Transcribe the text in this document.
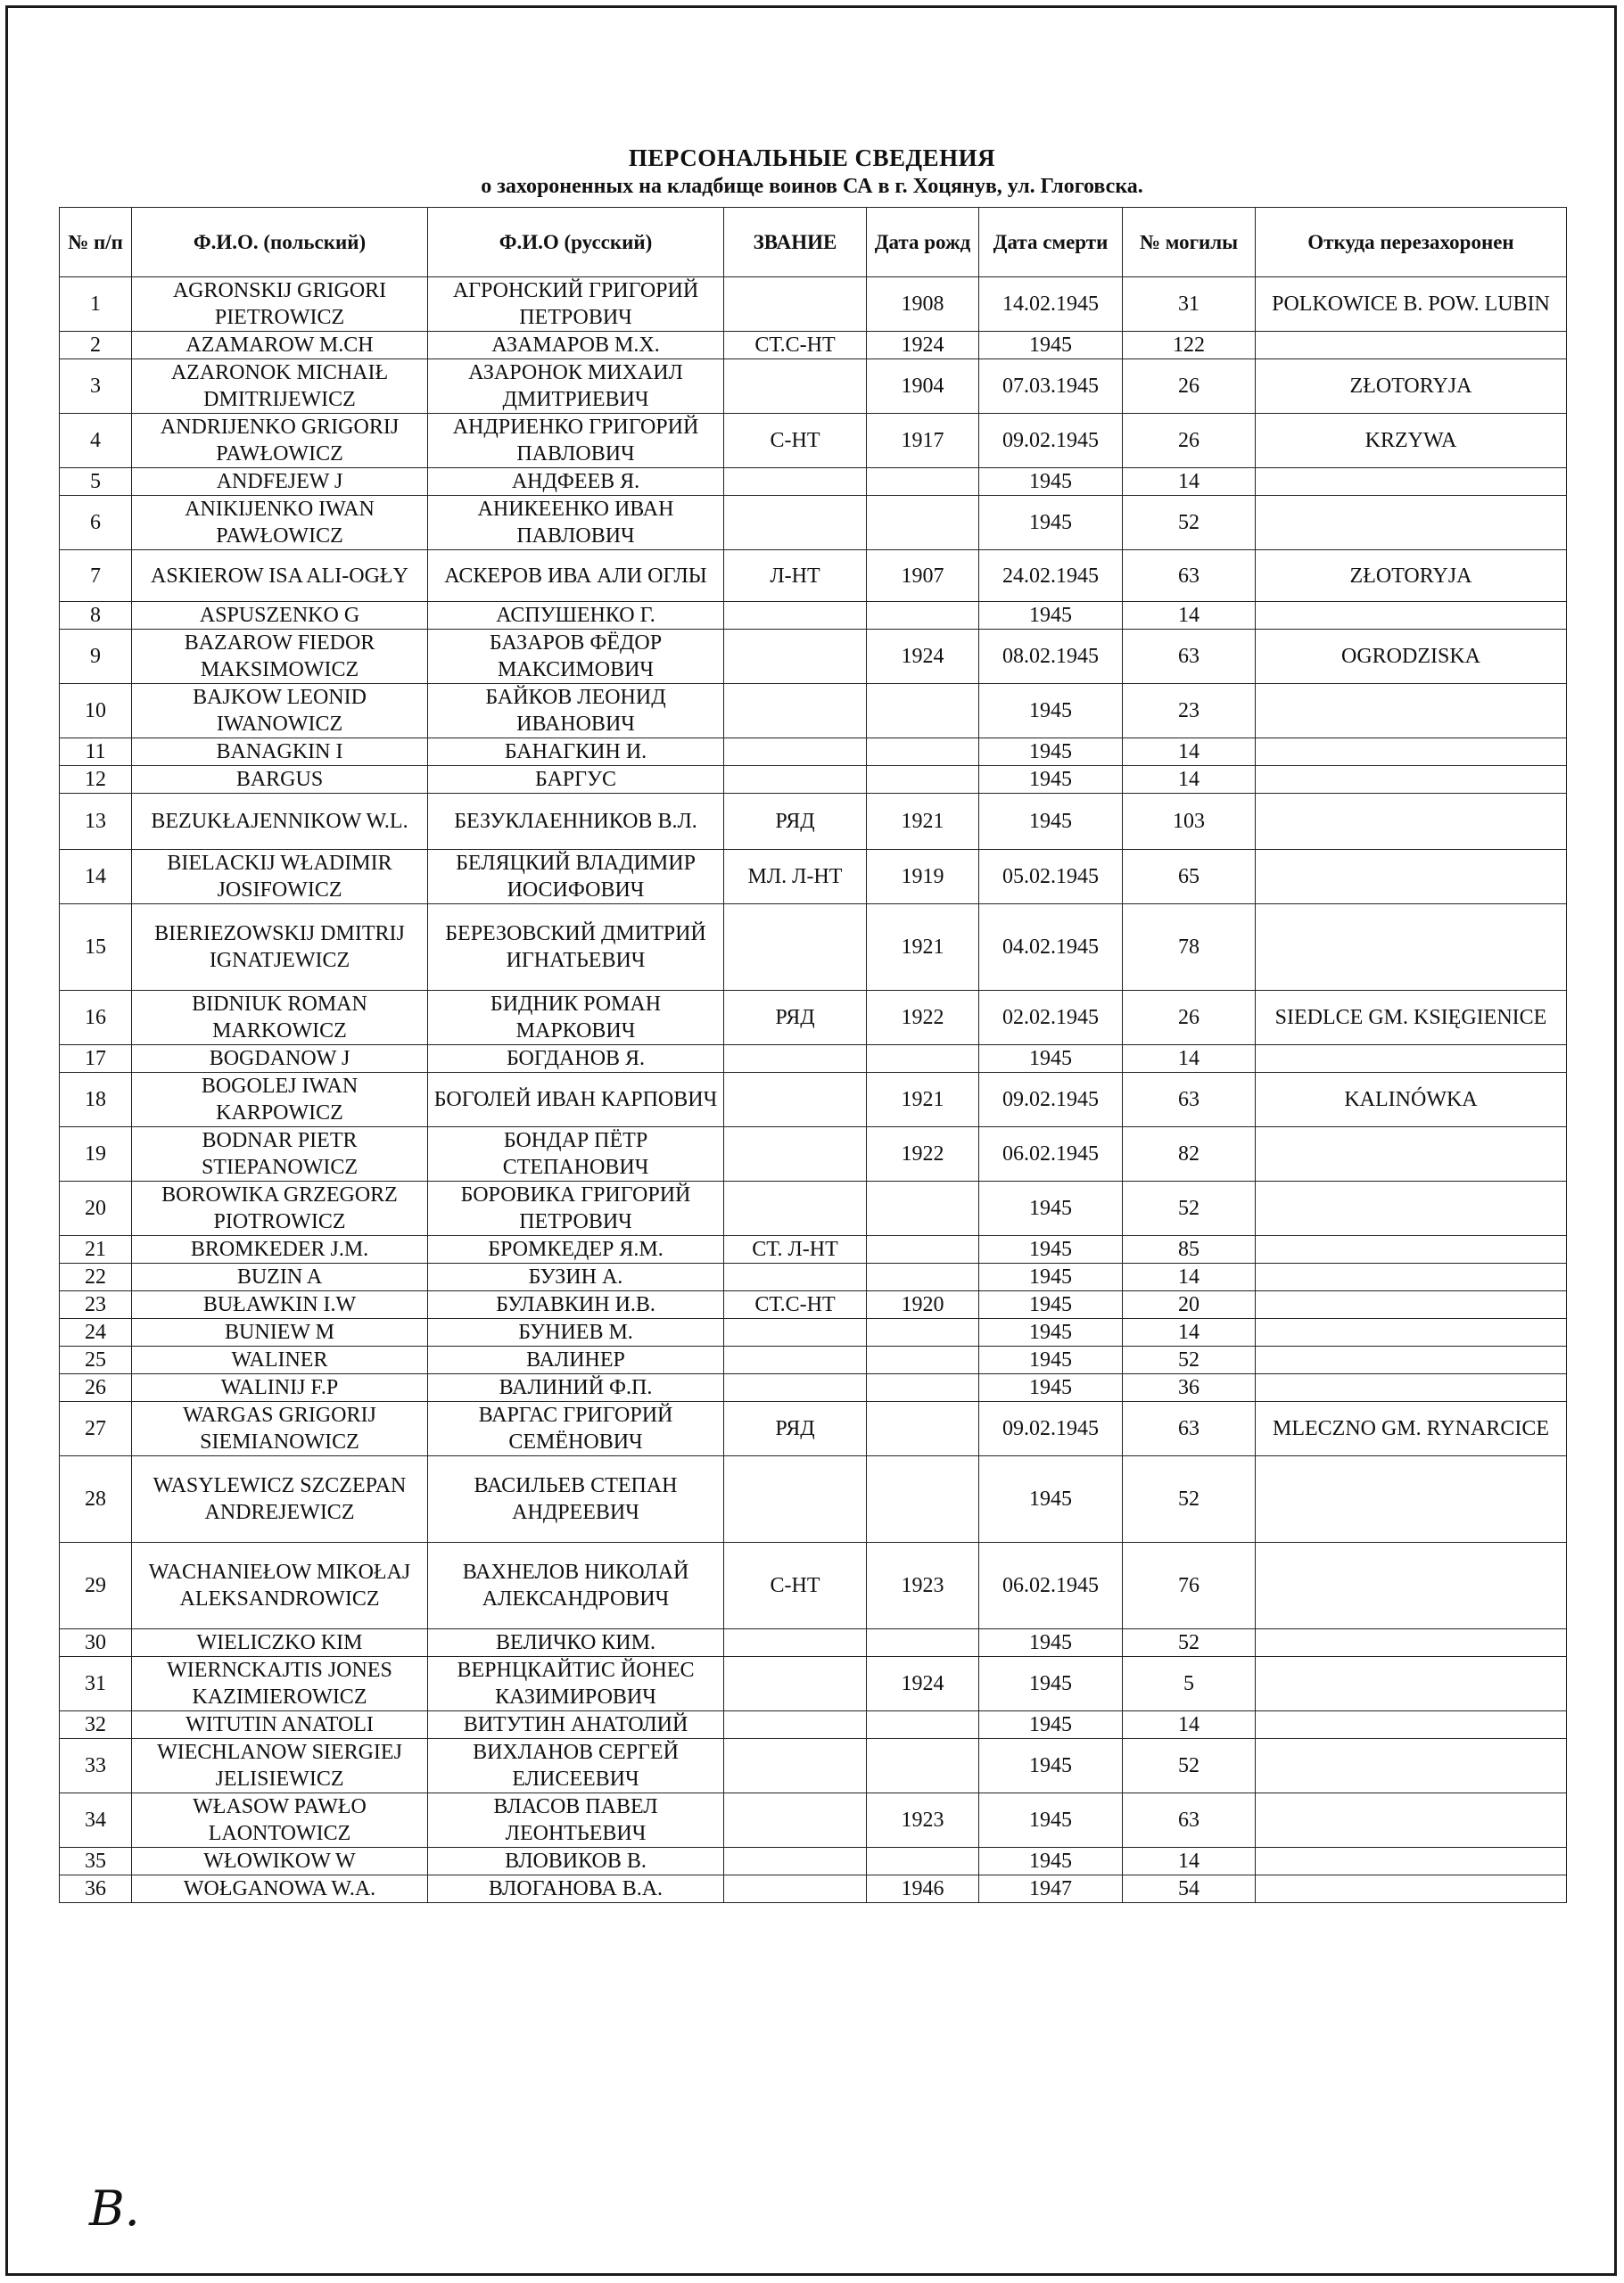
ПЕРСОНАЛЬНЫЕ СВЕДЕНИЯ
о захороненных на кладбище воинов СА в г. Хоцянув, ул. Глоговска.
№ п/п	Ф.И.О. (польский)	Ф.И.О (русский)	ЗВАНИЕ	Дата рожд	Дата смерти	№ могилы	Откуда перезахоронен
1	AGRONSKIJ GRIGORI PIETROWICZ	АГРОНСКИЙ ГРИГОРИЙ ПЕТРОВИЧ		1908	14.02.1945	31	POLKOWICE B. POW. LUBIN
2	AZAMAROW M.CH	АЗАМАРОВ М.Х.	СТ.С-НТ	1924	1945	122	
3	AZARONOK MICHAIŁ DMITRIJEWICZ	АЗАРОНОК МИХАИЛ ДМИТРИЕВИЧ		1904	07.03.1945	26	ZŁOTORYJA
4	ANDRIJENKO GRIGORIJ PAWŁOWICZ	АНДРИЕНКО ГРИГОРИЙ ПАВЛОВИЧ	С-НТ	1917	09.02.1945	26	KRZYWA
5	ANDFEJEW J	АНДФЕЕВ Я.			1945	14	
6	ANIKIJENKO IWAN PAWŁOWICZ	АНИКЕЕНКО ИВАН ПАВЛОВИЧ			1945	52	
7	ASKIEROW ISA ALI-OGŁY	АСКЕРОВ ИВА АЛИ ОГЛЫ	Л-НТ	1907	24.02.1945	63	ZŁOTORYJA
8	ASPUSZENKO G	АСПУШЕНКО Г.			1945	14	
9	BAZAROW FIEDOR MAKSIMOWICZ	БАЗАРОВ ФЁДОР МАКСИМОВИЧ		1924	08.02.1945	63	OGRODZISKA
10	BAJKOW LEONID IWANOWICZ	БАЙКОВ ЛЕОНИД ИВАНОВИЧ			1945	23	
11	BANAGKIN I	БАНАГКИН И.			1945	14	
12	BARGUS	БАРГУС			1945	14	
13	BEZUKŁAJENNIKOW W.L.	БЕЗУКЛАЕННИКОВ В.Л.	РЯД	1921	1945	103	
14	BIELACKIJ WŁADIMIR JOSIFOWICZ	БЕЛЯЦКИЙ ВЛАДИМИР ИОСИФОВИЧ	МЛ. Л-НТ	1919	05.02.1945	65	
15	BIERIEZOWSKIJ DMITRIJ IGNATJEWICZ	БЕРЕЗОВСКИЙ ДМИТРИЙ ИГНАТЬЕВИЧ		1921	04.02.1945	78	
16	BIDNIUK ROMAN MARKOWICZ	БИДНИК РОМАН МАРКОВИЧ	РЯД	1922	02.02.1945	26	SIEDLCE GM. KSIĘGIENICE
17	BOGDANOW J	БОГДАНОВ Я.			1945	14	
18	BOGOLEJ IWAN KARPOWICZ	БОГОЛЕЙ ИВАН КАРПОВИЧ		1921	09.02.1945	63	KALINÓWKA
19	BODNAR PIETR STIEPANOWICZ	БОНДАР ПЁТР СТЕПАНОВИЧ		1922	06.02.1945	82	
20	BOROWIKA GRZEGORZ PIOTROWICZ	БОРОВИКА ГРИГОРИЙ ПЕТРОВИЧ			1945	52	
21	BROMKEDER J.M.	БРОМКЕДЕР Я.М.	СТ. Л-НТ		1945	85	
22	BUZIN A	БУЗИН А.			1945	14	
23	BUŁAWKIN I.W	БУЛАВКИН И.В.	СТ.С-НТ	1920	1945	20	
24	BUNIEW M	БУНИЕВ М.			1945	14	
25	WALINER	ВАЛИНЕР			1945	52	
26	WALINIJ F.P	ВАЛИНИЙ Ф.П.			1945	36	
27	WARGAS GRIGORIJ SIEMIANOWICZ	ВАРГАС ГРИГОРИЙ СЕМЁНОВИЧ	РЯД		09.02.1945	63	MLECZNO GM. RYNARCICE
28	WASYLEWICZ SZCZEPAN ANDREJEWICZ	ВАСИЛЬЕВ СТЕПАН АНДРЕЕВИЧ			1945	52	
29	WACHANIEŁOW MIKOŁAJ ALEKSANDROWICZ	ВАХНЕЛОВ НИКОЛАЙ АЛЕКСАНДРОВИЧ	С-НТ	1923	06.02.1945	76	
30	WIELICZKO KIM	ВЕЛИЧКО КИМ.			1945	52	
31	WIERNCKAJTIS JONES KAZIMIEROWICZ	ВЕРНЦКАЙТИС ЙОНЕС КАЗИМИРОВИЧ		1924	1945	5	
32	WITUTIN ANATOLI	ВИТУТИН АНАТОЛИЙ			1945	14	
33	WIECHLANOW SIERGIEJ JELISIEWICZ	ВИХЛАНОВ СЕРГЕЙ ЕЛИСЕЕВИЧ			1945	52	
34	WŁASOW PAWŁO LAONTOWICZ	ВЛАСОВ ПАВЕЛ ЛЕОНТЬЕВИЧ		1923	1945	63	
35	WŁOWIKOW W	ВЛОВИКОВ В.			1945	14	
36	WOŁGANOWA W.A.	ВЛОГАНОВА В.А.		1946	1947	54	
B.
